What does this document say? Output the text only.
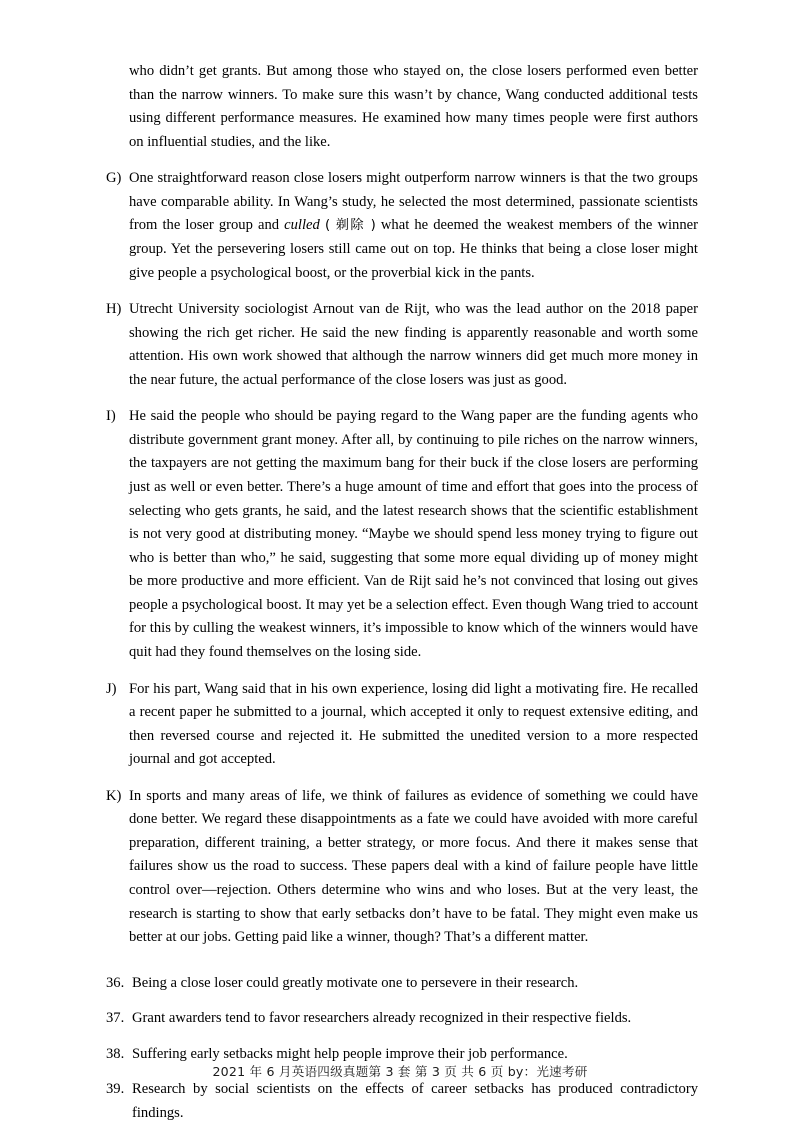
who didn’t get grants. But among those who stayed on, the close losers performed even better than the narrow winners. To make sure this wasn’t by chance, Wang conducted additional tests using different performance measures. He examined how many times people were first authors on influential studies, and the like.
G) One straightforward reason close losers might outperform narrow winners is that the two groups have comparable ability. In Wang’s study, he selected the most determined, passionate scientists from the loser group and culled ( 剃除 ) what he deemed the weakest members of the winner group. Yet the persevering losers still came out on top. He thinks that being a close loser might give people a psychological boost, or the proverbial kick in the pants.
H) Utrecht University sociologist Arnout van de Rijt, who was the lead author on the 2018 paper showing the rich get richer. He said the new finding is apparently reasonable and worth some attention. His own work showed that although the narrow winners did get much more money in the near future, the actual performance of the close losers was just as good.
I) He said the people who should be paying regard to the Wang paper are the funding agents who distribute government grant money. After all, by continuing to pile riches on the narrow winners, the taxpayers are not getting the maximum bang for their buck if the close losers are performing just as well or even better. There’s a huge amount of time and effort that goes into the process of selecting who gets grants, he said, and the latest research shows that the scientific establishment is not very good at distributing money. “Maybe we should spend less money trying to figure out who is better than who,” he said, suggesting that some more equal dividing up of money might be more productive and more efficient. Van de Rijt said he’s not convinced that losing out gives people a psychological boost. It may yet be a selection effect. Even though Wang tried to account for this by culling the weakest winners, it’s impossible to know which of the winners would have quit had they found themselves on the losing side.
J) For his part, Wang said that in his own experience, losing did light a motivating fire. He recalled a recent paper he submitted to a journal, which accepted it only to request extensive editing, and then reversed course and rejected it. He submitted the unedited version to a more respected journal and got accepted.
K) In sports and many areas of life, we think of failures as evidence of something we could have done better. We regard these disappointments as a fate we could have avoided with more careful preparation, different training, a better strategy, or more focus. And there it makes sense that failures show us the road to success. These papers deal with a kind of failure people have little control over—rejection. Others determine who wins and who loses. But at the very least, the research is starting to show that early setbacks don’t have to be fatal. They might even make us better at our jobs. Getting paid like a winner, though? That’s a different matter.
36. Being a close loser could greatly motivate one to persevere in their research.
37. Grant awarders tend to favor researchers already recognized in their respective fields.
38. Suffering early setbacks might help people improve their job performance.
39. Research by social scientists on the effects of career setbacks has produced contradictory findings.
2021 年 6 月英语四级真题第 3 套 第 3 页 共 6 页 by：光速考研
